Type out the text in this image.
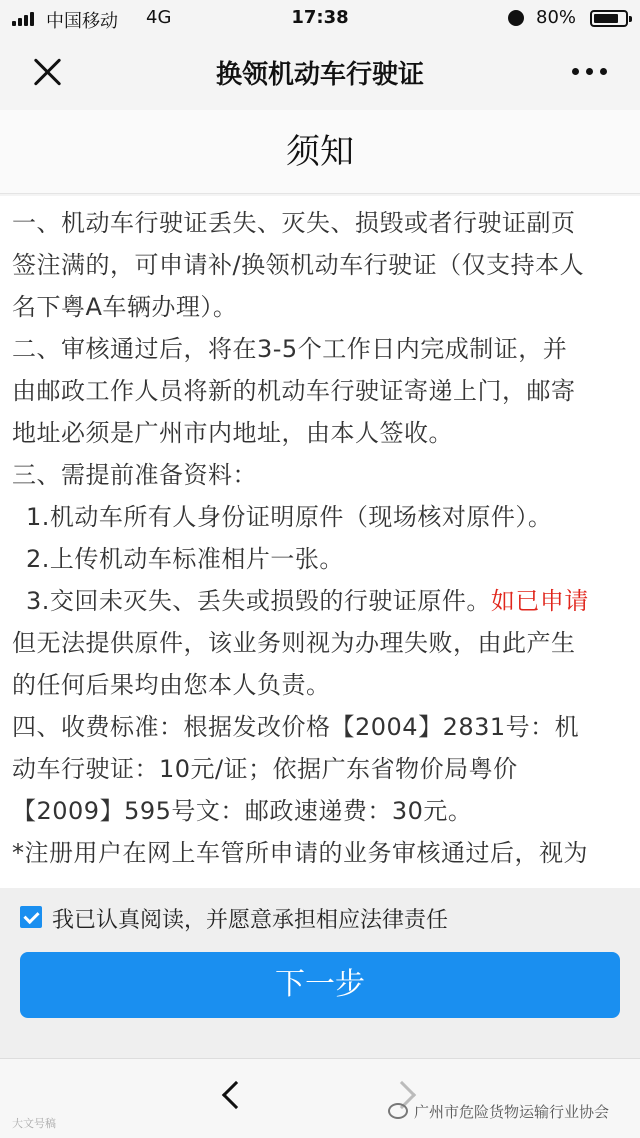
中国移动 4G	17:38	80%
换领机动车行驶证
须知

一、机动车行驶证丢失、灭失、损毁或者行驶证副页

签注满的，可申请补/换领机动车行驶证（仅支持本人

名下粤A车辆办理）。

二、审核通过后，将在3-5个工作日内完成制证，并

由邮政工作人员将新的机动车行驶证寄递上门，邮寄

地址必须是广州市内地址，由本人签收。

三、需提前准备资料：

1.机动车所有人身份证明原件（现场核对原件）。

2.上传机动车标准相片一张。

3.交回未灭失、丢失或损毁的行驶证原件。如已申请

但无法提供原件，该业务则视为办理失败，由此产生

的任何后果均由您本人负责。

四、收费标准：根据发改价格【2004】2831号：机

动车行驶证：10元/证；依据广东省物价局粤价

【2009】595号文：邮政速递费：30元。

*注册用户在网上车管所申请的业务审核通过后，视为

我已认真阅读，并愿意承担相应法律责任
下一步
广州市危险货物运输行业协会
大文号稿
